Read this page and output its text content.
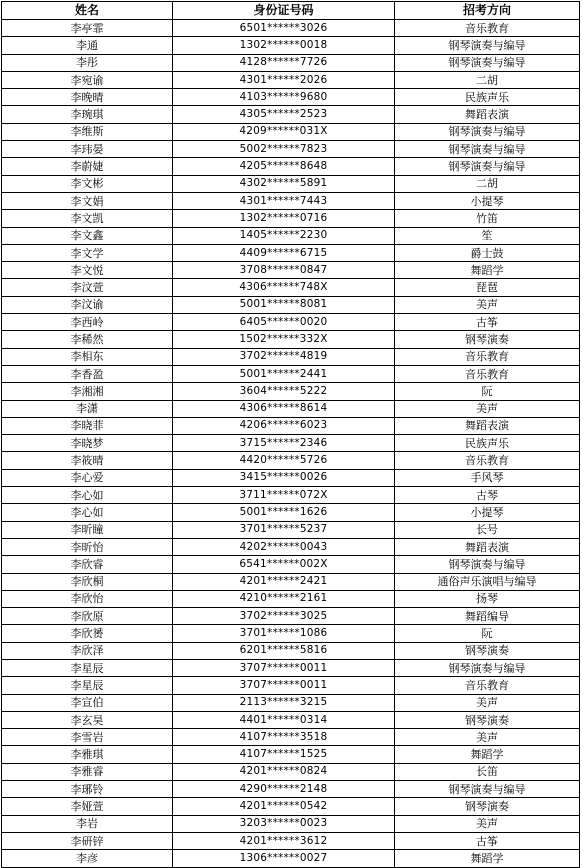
姓名	身份证号码	招考方向
李亭霏	6501******3026	音乐教育
李通	1302******0018	钢琴演奏与编导
李彤	4128******7726	钢琴演奏与编导
李宛谕	4301******2026	二胡
李晚晴	4103******9680	民族声乐
李琬琪	4305******2523	舞蹈表演
李维斯	4209******031X	钢琴演奏与编导
李玮晏	5002******7823	钢琴演奏与编导
李蔚婕	4205******8648	钢琴演奏与编导
李文彬	4302******5891	二胡
李文娟	4301******7443	小提琴
李文凯	1302******0716	竹笛
李文鑫	1405******2230	笙
李文学	4409******6715	爵士鼓
李文悦	3708******0847	舞蹈学
李汶萱	4306******748X	琵琶
李汶谕	5001******8081	美声
李西岭	6405******0020	古筝
李稀然	1502******332X	钢琴演奏
李相东	3702******4819	音乐教育
李香盈	5001******2441	音乐教育
李湘湘	3604******5222	阮
李潇	4306******8614	美声
李晓菲	4206******6023	舞蹈表演
李晓梦	3715******2346	民族声乐
李筱晴	4420******5726	音乐教育
李心爱	3415******0026	手风琴
李心如	3711******072X	古琴
李心如	5001******1626	小提琴
李昕瞳	3701******5237	长号
李昕怡	4202******0043	舞蹈表演
李欣睿	6541******002X	钢琴演奏与编导
李欣桐	4201******2421	通俗声乐演唱与编导
李欣怡	4210******2161	扬琴
李欣原	3702******3025	舞蹈编导
李欣赟	3701******1086	阮
李欣泽	6201******5816	钢琴演奏
李星辰	3707******0011	钢琴演奏与编导
李星辰	3707******0011	音乐教育
李宣伯	2113******3215	美声
李玄昊	4401******0314	钢琴演奏
李雪岩	4107******3518	美声
李雅琪	4107******1525	舞蹈学
李雅睿	4201******0824	长笛
李琊铃	4290******2148	钢琴演奏与编导
李娅萱	4201******0542	钢琴演奏
李岩	3203******0023	美声
李研锌	4201******3612	古筝
李彦	1306******0027	舞蹈学
